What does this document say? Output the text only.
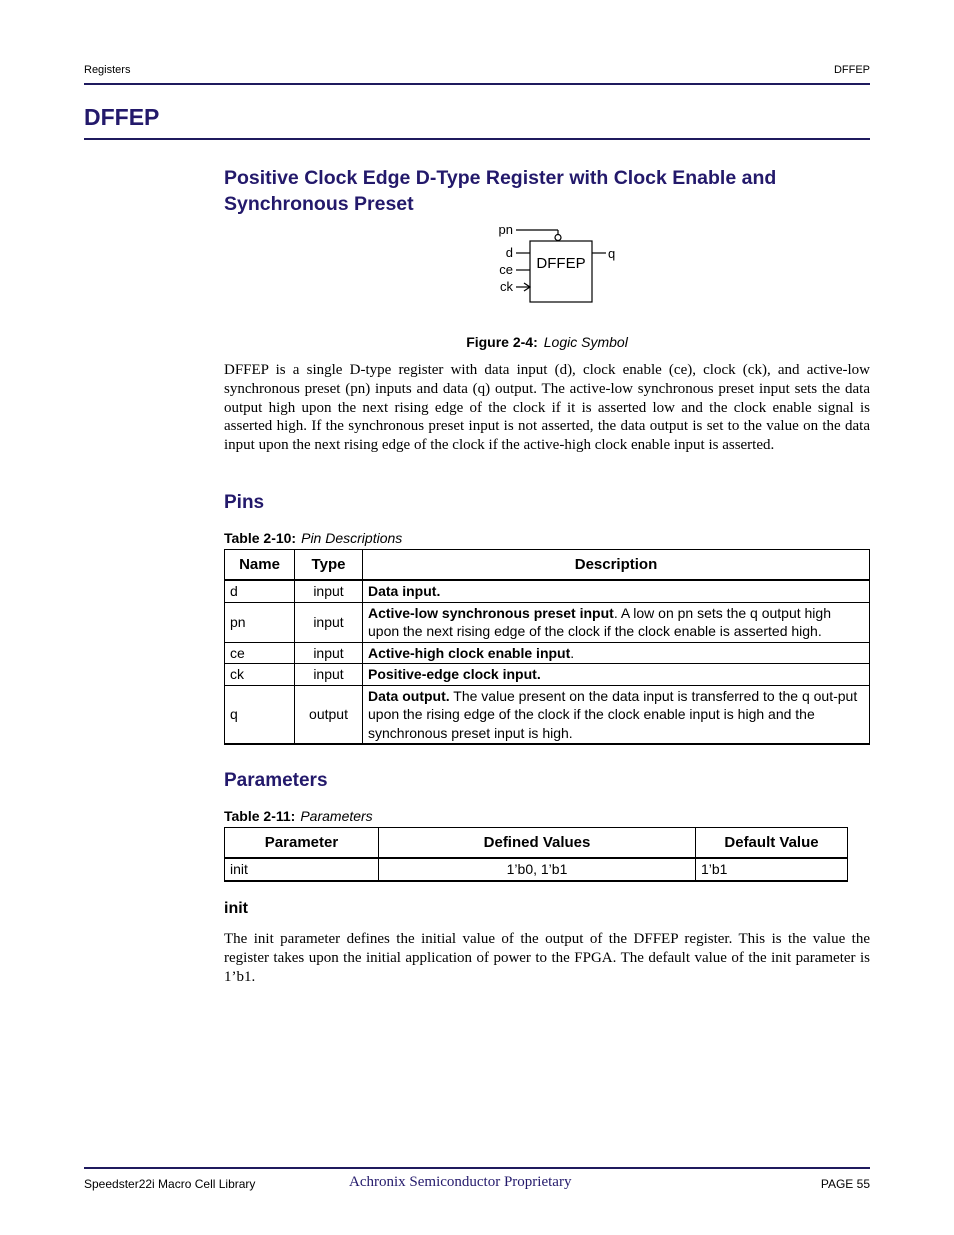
Registers	DFFEP
DFFEP
Positive Clock Edge D-Type Register with Clock Enable and Synchronous Preset
pn
d
ce
ck
q
DFFEP
Figure 2-4: Logic Symbol
DFFEP is a single D-type register with data input (d), clock enable (ce), clock (ck), and active-low synchronous preset (pn) inputs and data (q) output. The active-low synchronous preset input sets the data output high upon the next rising edge of the clock if it is asserted low and the clock enable signal is asserted high. If the synchronous preset input is not asserted, the data output is set to the value on the data input upon the next rising edge of the clock if the active-high clock enable input is asserted.
Pins
Table 2-10: Pin Descriptions
Name	Type	Description
d	input	Data input.
pn	input	Active-low synchronous preset input. A low on pn sets the q output high upon the next rising edge of the clock if the clock enable is asserted high.
ce	input	Active-high clock enable input.
ck	input	Positive-edge clock input.
q	output	Data output. The value present on the data input is transferred to the q out-put upon the rising edge of the clock if the clock enable input is high and the synchronous preset input is high.
Parameters
Table 2-11: Parameters
Parameter	Defined Values	Default Value
init	1’b0, 1’b1	1’b1
init
The init parameter defines the initial value of the output of the DFFEP register. This is the value the register takes upon the initial application of power to the FPGA. The default value of the init parameter is 1’b1.
Speedster22i Macro Cell Library	Achronix Semiconductor Proprietary	PAGE 55
